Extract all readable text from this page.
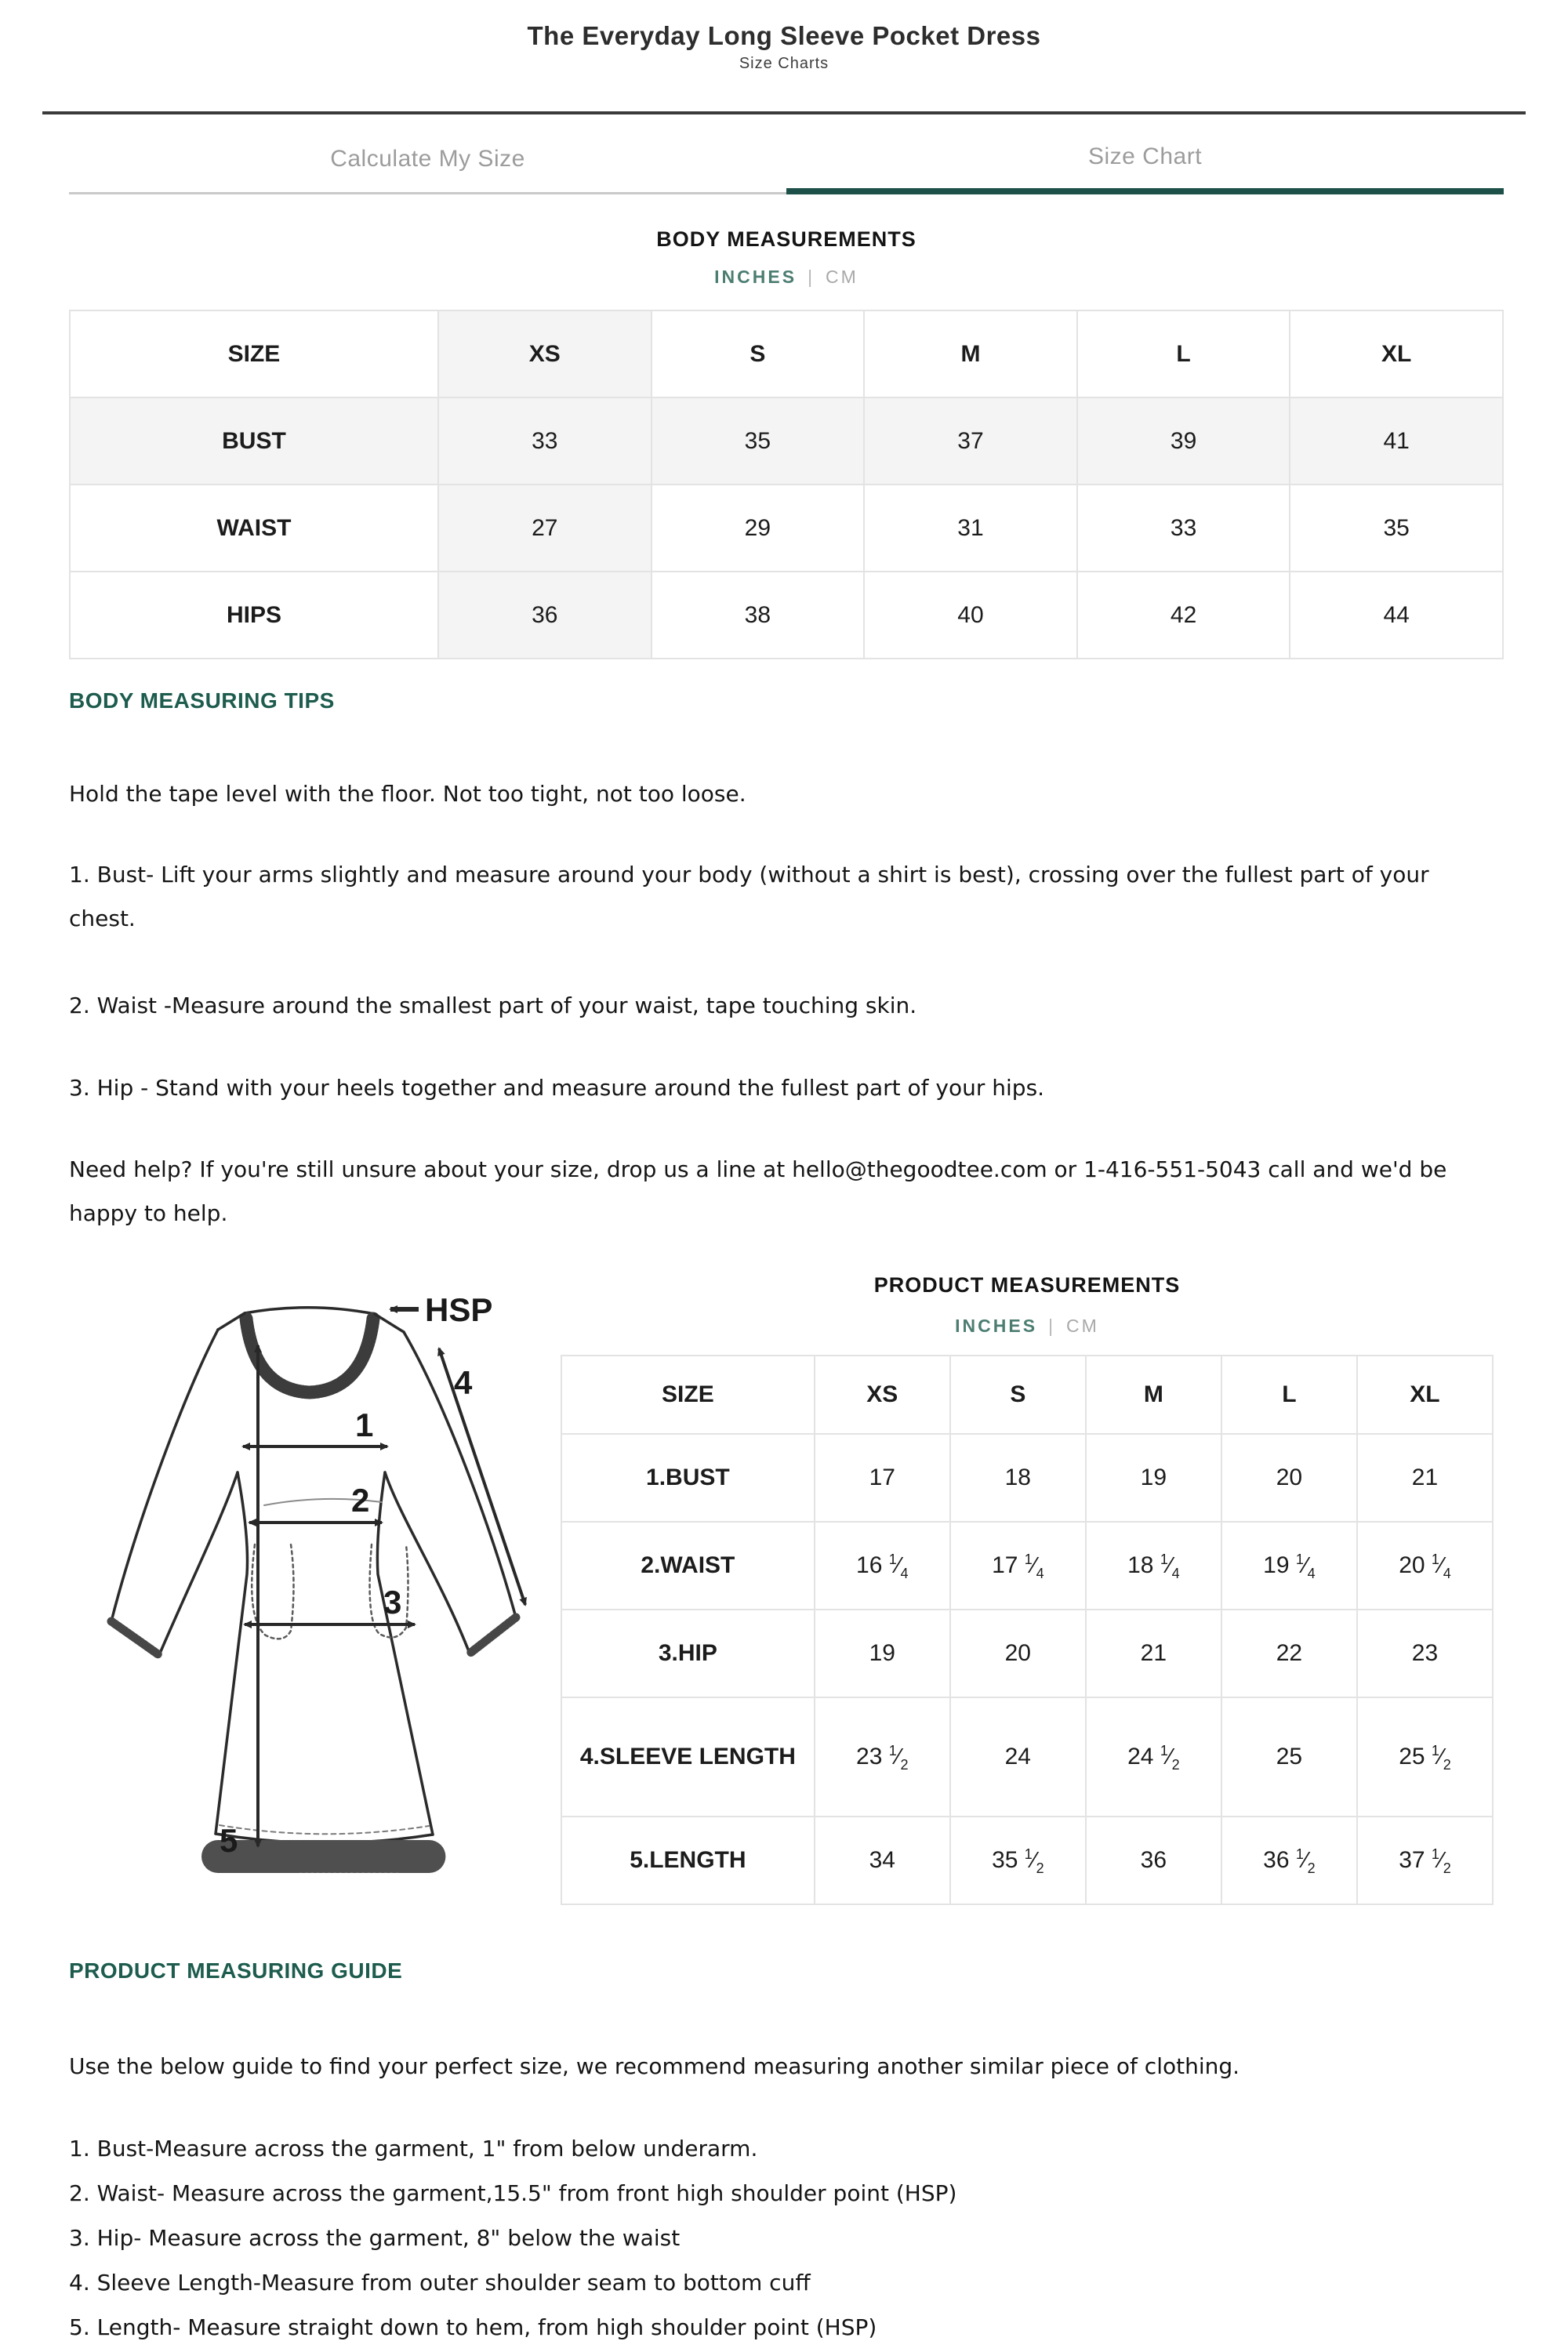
The Everyday Long Sleeve Pocket Dress
Size Charts
Calculate My Size	Size Chart
BODY MEASUREMENTS
INCHES | CM
SIZE	XS	S	M	L	XL
BUST	33	35	37	39	41
WAIST	27	29	31	33	35
HIPS	36	38	40	42	44
BODY MEASURING TIPS
Hold the tape level with the floor. Not too tight, not too loose.
1. Bust- Lift your arms slightly and measure around your body (without a shirt is best), crossing over the fullest part of your chest.
2. Waist -Measure around the smallest part of your waist, tape touching skin.
3. Hip - Stand with your heels together and measure around the fullest part of your hips.
Need help? If you're still unsure about your size, drop us a line at hello@thegoodtee.com or 1-416-551-5043 call and we'd be happy to help.
HSP
1
2
3
4
5
PRODUCT MEASUREMENTS
INCHES | CM
SIZE	XS	S	M	L	XL
1.BUST	17	18	19	20	21
2.WAIST	16 $^1⁄_4$	17 $^1⁄_4$	18 $^1⁄_4$	19 $^1⁄_4$	20 $^1⁄_4$
3.HIP	19	20	21	22	23
4.SLEEVE LENGTH	23 $^1⁄_2$	24	24 $^1⁄_2$	25	25 $^1⁄_2$
5.LENGTH	34	35 $^1⁄_2$	36	36 $^1⁄_2$	37 $^1⁄_2$
PRODUCT MEASURING GUIDE
Use the below guide to find your perfect size, we recommend measuring another similar piece of clothing.
1. Bust-Measure across the garment, 1" from below underarm.
2. Waist- Measure across the garment,15.5" from front high shoulder point (HSP)
3. Hip- Measure across the garment, 8" below the waist
4. Sleeve Length-Measure from outer shoulder seam to bottom cuff
5. Length- Measure straight down to hem, from high shoulder point (HSP)
